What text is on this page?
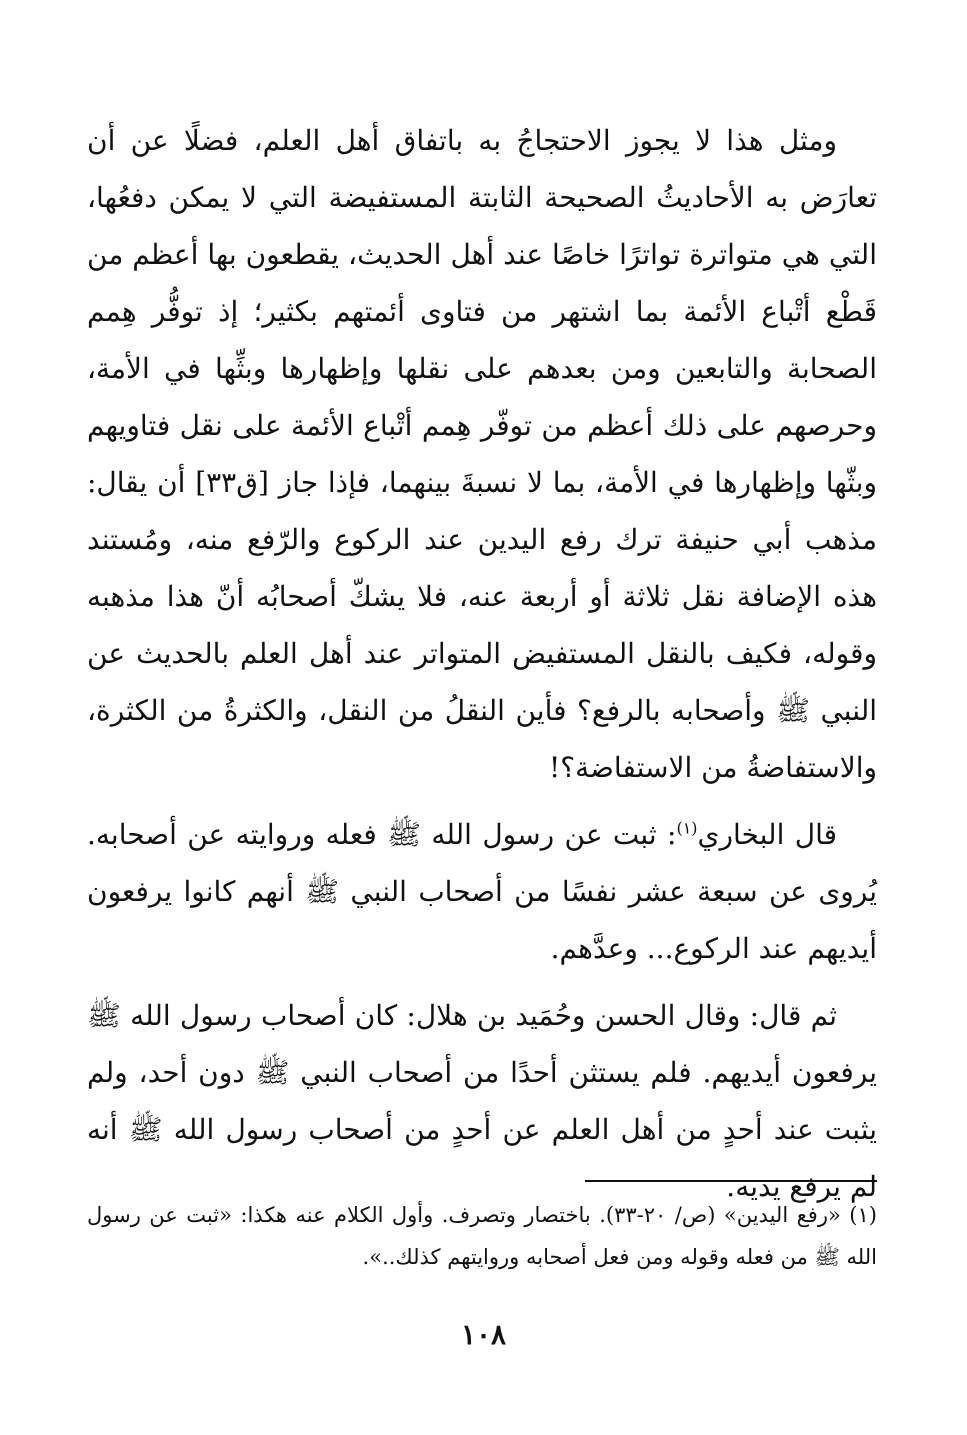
ومثل هذا لا يجوز الاحتجاجُ به باتفاق أهل العلم، فضلًا عن أن تعارَض به الأحاديثُ الصحيحة الثابتة المستفيضة التي لا يمكن دفعُها، التي هي متواترة تواترًا خاصًا عند أهل الحديث، يقطعون بها أعظم من قَطْع أتْباع الأئمة بما اشتهر من فتاوى أئمتهم بكثير؛ إذ توفُّر هِمم الصحابة والتابعين ومن بعدهم على نقلها وإظهارها وبثِّها في الأمة، وحرصهم على ذلك أعظم من توفّر هِمم أتْباع الأئمة على نقل فتاويهم وبثّها وإظهارها في الأمة، بما لا نسبةَ بينهما، فإذا جاز [ق٣٣] أن يقال: مذهب أبي حنيفة ترك رفع اليدين عند الركوع والرّفع منه، ومُستند هذه الإضافة نقل ثلاثة أو أربعة عنه، فلا يشكّ أصحابُه أنّ هذا مذهبه وقوله، فكيف بالنقل المستفيض المتواتر عند أهل العلم بالحديث عن النبي ﷺ وأصحابه بالرفع؟ فأين النقلُ من النقل، والكثرةُ من الكثرة، والاستفاضةُ من الاستفاضة؟!

قال البخاري$^{(١)}$: ثبت عن رسول الله ﷺ فعله وروايته عن أصحابه. يُروى عن سبعة عشر نفسًا من أصحاب النبي ﷺ أنهم كانوا يرفعون أيديهم عند الركوع... وعدَّهم.

ثم قال: وقال الحسن وحُمَيد بن هلال: كان أصحاب رسول الله ﷺ يرفعون أيديهم. فلم يستثن أحدًا من أصحاب النبي ﷺ دون أحد، ولم يثبت عند أحدٍ من أهل العلم عن أحدٍ من أصحاب رسول الله ﷺ أنه لم يرفع يديه.

(١) «رفع اليدين» (ص/ ٢٠-٣٣). باختصار وتصرف. وأول الكلام عنه هكذا: «ثبت عن رسول الله ﷺ من فعله وقوله ومن فعل أصحابه وروايتهم كذلك..».

١٠٨
